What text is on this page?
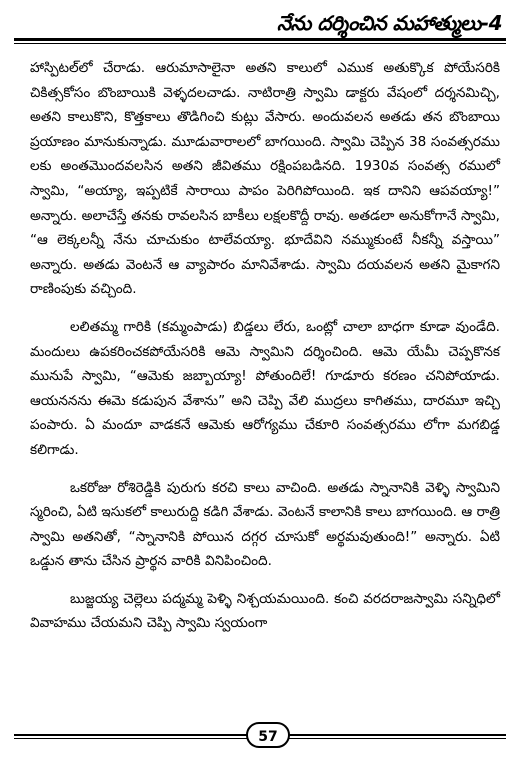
నేను దర్శించిన మహాత్ములు-4

హాస్పిటల్‌లో చేరాడు. ఆరుమాసాలైనా అతని కాలులో ఎముక అతుక్కొక పోయేసరికి చికిత్సకోసం బొంబాయికి వెళ్ళదలచాడు. నాటిరాత్రి స్వామి డాక్టరు వేషంలో దర్శనమిచ్చి, అతని కాలుకొని, కొత్తకాలు తొడిగించి కుట్లు వేసారు. అందువలన అతడు తన బొంబాయి ప్రయాణం మానుకున్నాడు. మూడువారాలలో బాగయింది. స్వామి చెప్పిన 38 సంవత్సరము లకు అంతమొందవలసిన అతని జీవితము రక్షింపబడినది. 1930వ సంవత్స రములో స్వామి, “అయ్యా, ఇప్పటికే సారాయి పాపం పెరిగిపోయింది. ఇక దానిని ఆపవయ్యా!” అన్నారు. అలాచేస్తే తనకు రావలసిన బాకీలు లక్షలకొద్దీ రావు. అతడలా అనుకోగానే స్వామి, “ఆ లెక్కలన్నీ నేను చూచుకుం టాలేవయ్యా. భూదేవిని నమ్ముకుంటే నీకన్నీ వస్తాయి” అన్నారు. అతడు వెంటనే ఆ వ్యాపారం మానివేశాడు. స్వామి దయవలన అతని మైకాగని రాణింపుకు వచ్చింది.

లలితమ్మ గారికి (కమ్మంపాడు) బిడ్డలు లేరు, ఒంట్లో చాలా బాధగా కూడా వుండేది. మందులు ఉపకరించకపోయేసరికి ఆమె స్వామిని దర్శించింది. ఆమె యేమీ చెప్పకొనక మునుపే స్వామి, “ఆమెకు జబ్బాయ్యా! పోతుందిలే! గూడూరు కరణం చనిపోయాడు. ఆయననను ఈమె కడుపున వేశాను” అని చెప్పి వేలి ముద్రలు కాగితము, దారమూ ఇచ్చి పంపారు. ఏ మందూ వాడకనే ఆమెకు ఆరోగ్యము చేకూరి సంవత్సరము లోగా మగబిడ్డ కలిగాడు.

ఒకరోజు రోశిరెడ్డికి పురుగు కరచి కాలు వాచింది. అతడు స్నానానికి వెళ్ళి స్వామిని స్మరించి, ఏటి ఇసుకలో కాలురుద్ది కడిగి వేశాడు. వెంటనే కాలానికి కాలు బాగయింది. ఆ రాత్రి స్వామి అతనితో, “స్నానానికి పోయిన దగ్గర చూసుకో అర్థమవుతుంది!” అన్నారు. ఏటి ఒడ్డున తాను చేసిన ప్రార్థన వారికి వినిపించింది.

బుజ్జయ్య చెల్లెలు పద్మమ్మ పెళ్ళి నిశ్చయమయింది. కంచి వరదరాజస్వామి సన్నిధిలో వివాహము చేయమని చెప్పి స్వామి స్వయంగా

57
